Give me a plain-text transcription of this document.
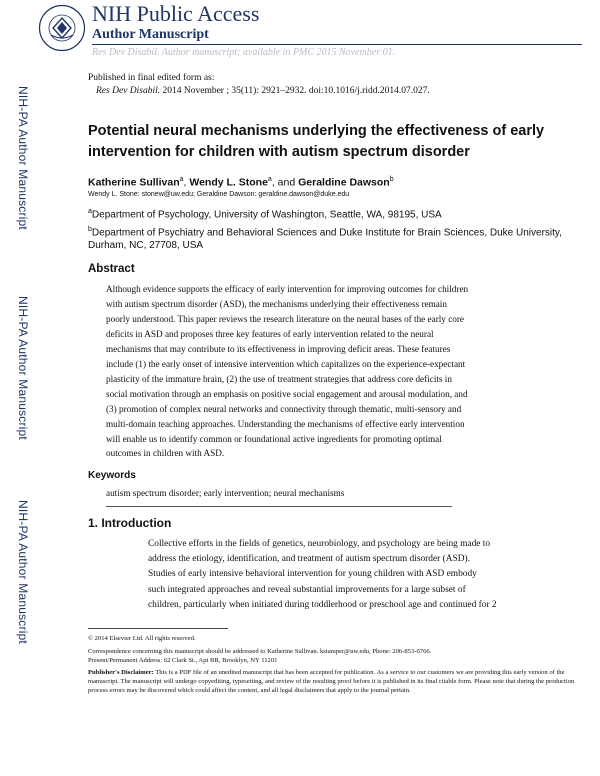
NIH Public Access
Author Manuscript
Res Dev Disabil. Author manuscript; available in PMC 2015 November 01.
Published in final edited form as:
Res Dev Disabil. 2014 November ; 35(11): 2921–2932. doi:10.1016/j.ridd.2014.07.027.
NIH-PA Author Manuscript
NIH-PA Author Manuscript
NIH-PA Author Manuscript
Potential neural mechanisms underlying the effectiveness of early intervention for children with autism spectrum disorder
Katherine Sullivan$^a$, Wendy L. Stone$^a$, and Geraldine Dawson$^b$
Wendy L. Stone: stonew@uw.edu; Geraldine Dawson: geraldine.dawson@duke.edu
$^a$Department of Psychology, University of Washington, Seattle, WA, 98195, USA
$^b$Department of Psychiatry and Behavioral Sciences and Duke Institute for Brain Sciences, Duke University, Durham, NC, 27708, USA
Abstract
Although evidence supports the efficacy of early intervention for improving outcomes for children
with autism spectrum disorder (ASD), the mechanisms underlying their effectiveness remain
poorly understood. This paper reviews the research literature on the neural bases of the early core
deficits in ASD and proposes three key features of early intervention related to the neural
mechanisms that may contribute to its effectiveness in improving deficit areas. These features
include (1) the early onset of intensive intervention which capitalizes on the experience-expectant
plasticity of the immature brain, (2) the use of treatment strategies that address core deficits in
social motivation through an emphasis on positive social engagement and arousal modulation, and
(3) promotion of complex neural networks and connectivity through thematic, multi-sensory and
multi-domain teaching approaches. Understanding the mechanisms of effective early intervention
will enable us to identify common or foundational active ingredients for promoting optimal
outcomes in children with ASD.
Keywords
autism spectrum disorder; early intervention; neural mechanisms
1. Introduction
Collective efforts in the fields of genetics, neurobiology, and psychology are being made to
address the etiology, identification, and treatment of autism spectrum disorder (ASD).
Studies of early intensive behavioral intervention for young children with ASD embody
such integrated approaches and reveal substantial improvements for a large subset of
children, particularly when initiated during toddlerhood or preschool age and continued for 2
© 2014 Elsevier Ltd. All rights reserved.
Correspondence concerning this manuscript should be addressed to Katherine Sullivan. kstamper@uw.edu, Phone: 206-853-6766.
Present/Permanent Address: 62 Clark St., Apt BR, Brooklyn, NY 11201
Publisher's Disclaimer: This is a PDF file of an unedited manuscript that has been accepted for publication. As a service to our customers we are providing this early version of the manuscript. The manuscript will undergo copyediting, typesetting, and review of the resulting proof before it is published in its final citable form. Please note that during the production process errors may be discovered which could affect the content, and all legal disclaimers that apply to the journal pertain.
